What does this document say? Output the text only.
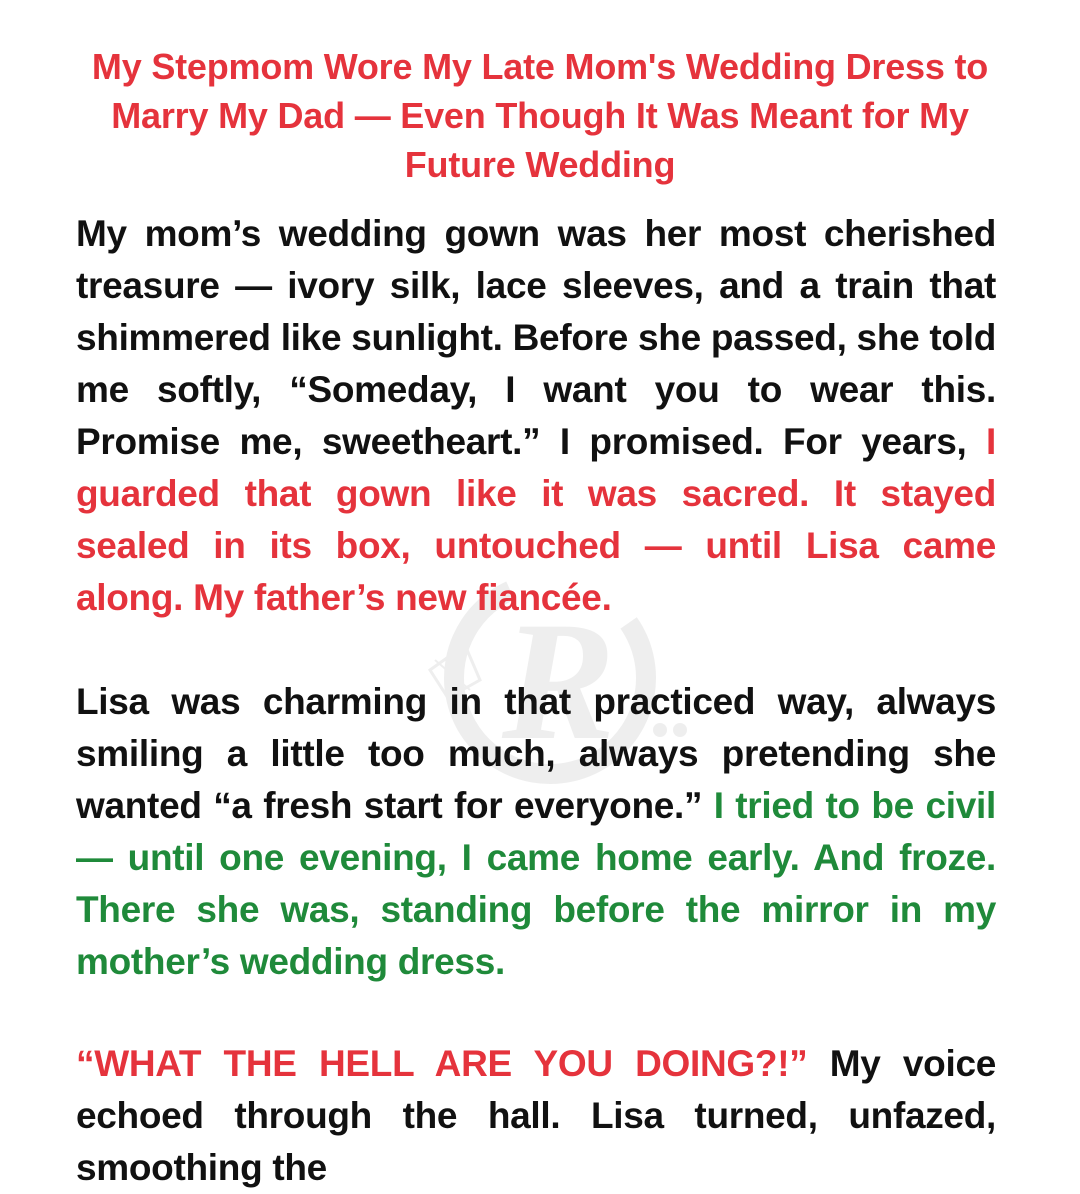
R
My Stepmom Wore My Late Mom's Wedding Dress to Marry My Dad — Even Though It Was Meant for My Future Wedding

My mom’s wedding gown was her most cherished treasure — ivory silk, lace sleeves, and a train that shimmered like sunlight. Before she passed, she told me softly, “Someday, I want you to wear this. Promise me, sweetheart.” I promised. For years, I guarded that gown like it was sacred. It stayed sealed in its box, untouched — until Lisa came along. My father’s new fiancée.

Lisa was charming in that practiced way, always smiling a little too much, always pretending she wanted “a fresh start for everyone.” I tried to be civil — until one evening, I came home early. And froze. There she was, standing before the mirror in my mother’s wedding dress.

“WHAT THE HELL ARE YOU DOING?!” My voice echoed through the hall. Lisa turned, unfazed, smoothing the
